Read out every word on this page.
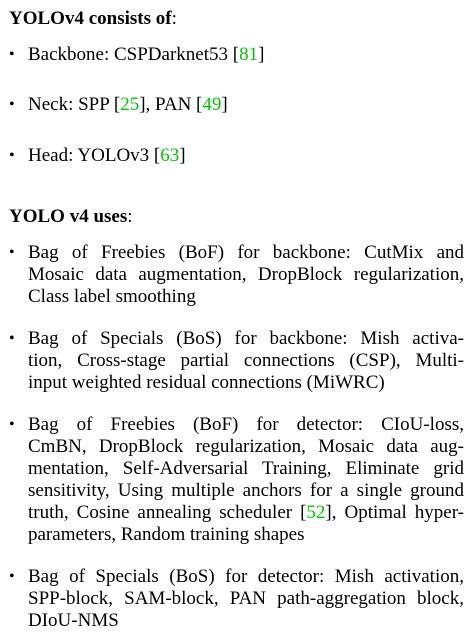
YOLOv4 consists of:
• Backbone: CSPDarknet53 [81]
• Neck: SPP [25], PAN [49]
• Head: YOLOv3 [63]
YOLO v4 uses:
• Bag of Freebies (BoF) for backbone: CutMix and
Mosaic data augmentation, DropBlock regularization,
Class label smoothing
• Bag of Specials (BoS) for backbone: Mish activa-
tion, Cross-stage partial connections (CSP), Multi-
input weighted residual connections (MiWRC)
• Bag of Freebies (BoF) for detector: CIoU-loss,
CmBN, DropBlock regularization, Mosaic data aug-
mentation, Self-Adversarial Training, Eliminate grid
sensitivity, Using multiple anchors for a single ground
truth, Cosine annealing scheduler [52], Optimal hyper-
parameters, Random training shapes
• Bag of Specials (BoS) for detector: Mish activation,
SPP-block, SAM-block, PAN path-aggregation block,
DIoU-NMS
